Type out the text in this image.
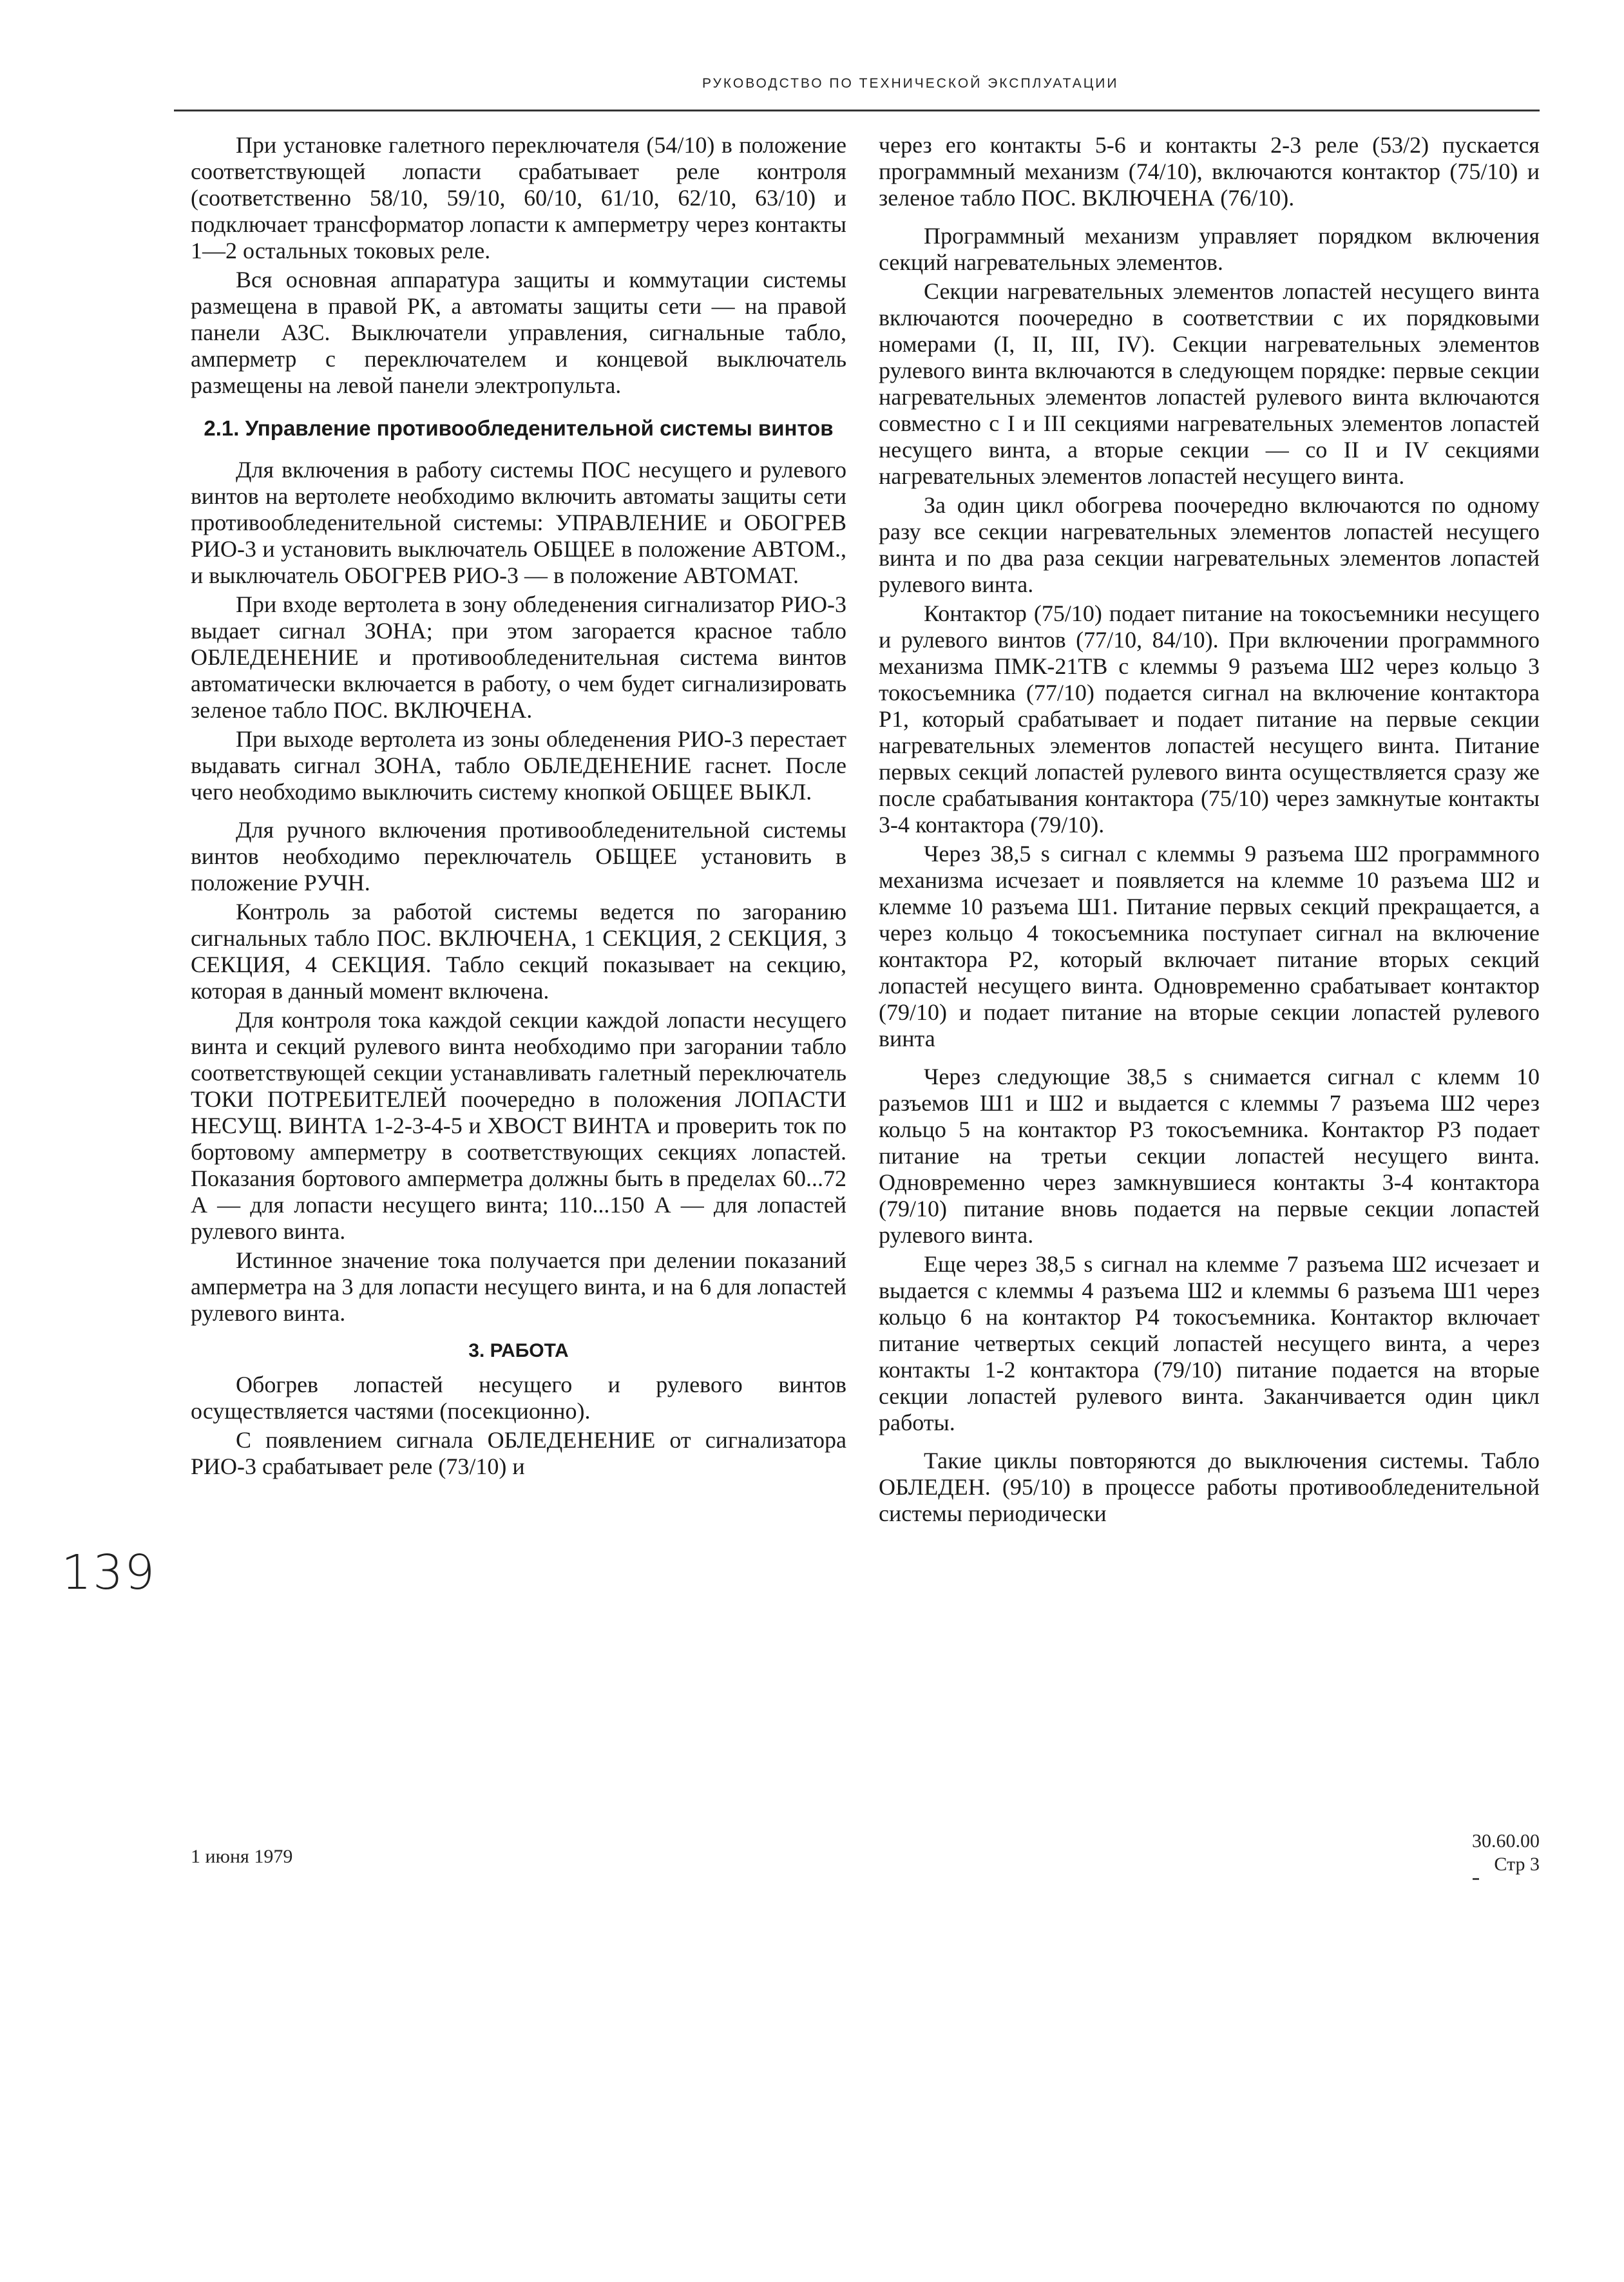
РУКОВОДСТВО ПО ТЕХНИЧЕСКОЙ ЭКСПЛУАТАЦИИ

При установке галетного переключателя (54/10) в положение соответствующей лопасти срабатывает реле контроля (соответственно 58/10, 59/10, 60/10, 61/10, 62/10, 63/10) и подключает трансформатор лопасти к амперметру через контакты 1—2 остальных токовых реле.

Вся основная аппаратура защиты и коммутации системы размещена в правой РК, а автоматы защиты сети — на правой панели АЗС. Выключатели управления, сигнальные табло, амперметр с переключателем и концевой выключатель размещены на левой панели электропульта.

2.1. Управление противообледенительной системы винтов

Для включения в работу системы ПОС несущего и рулевого винтов на вертолете необходимо включить автоматы защиты сети противообледенительной системы: УПРАВЛЕНИЕ и ОБОГРЕВ РИО-3 и установить выключатель ОБЩЕЕ в положение АВТОМ., и выключатель ОБОГРЕВ РИО-3 — в положение АВТОМАТ.

При входе вертолета в зону обледенения сигнализатор РИО-3 выдает сигнал ЗОНА; при этом загорается красное табло ОБЛЕДЕНЕНИЕ и противообледенительная система винтов автоматически включается в работу, о чем будет сигнализировать зеленое табло ПОС. ВКЛЮЧЕНА.

При выходе вертолета из зоны обледенения РИО-3 перестает выдавать сигнал ЗОНА, табло ОБЛЕДЕНЕНИЕ гаснет. После чего необходимо выключить систему кнопкой ОБЩЕЕ ВЫКЛ.

Для ручного включения противообледенительной системы винтов необходимо переключатель ОБЩЕЕ установить в положение РУЧН.

Контроль за работой системы ведется по загоранию сигнальных табло ПОС. ВКЛЮЧЕНА, 1 СЕКЦИЯ, 2 СЕКЦИЯ, 3 СЕКЦИЯ, 4 СЕКЦИЯ. Табло секций показывает на секцию, которая в данный момент включена.

Для контроля тока каждой секции каждой лопасти несущего винта и секций рулевого винта необходимо при загорании табло соответствующей секции устанавливать галетный переключатель ТОКИ ПОТРЕБИТЕЛЕЙ поочередно в положения ЛОПАСТИ НЕСУЩ. ВИНТА 1-2-3-4-5 и ХВОСТ ВИНТА и проверить ток по бортовому амперметру в соответствующих секциях лопастей. Показания бортового амперметра должны быть в пределах 60...72 А — для лопасти несущего винта; 110...150 А — для лопастей рулевого винта.

Истинное значение тока получается при делении показаний амперметра на 3 для лопасти несущего винта, и на 6 для лопастей рулевого винта.

3. РАБОТА

Обогрев лопастей несущего и рулевого винтов осуществляется частями (посекционно).

С появлением сигнала ОБЛЕДЕНЕНИЕ от сигнализатора РИО-3 срабатывает реле (73/10) и

через его контакты 5-6 и контакты 2-3 реле (53/2) пускается программный механизм (74/10), включаются контактор (75/10) и зеленое табло ПОС. ВКЛЮЧЕНА (76/10).

Программный механизм управляет порядком включения секций нагревательных элементов.

Секции нагревательных элементов лопастей несущего винта включаются поочередно в соответствии с их порядковыми номерами (I, II, III, IV). Секции нагревательных элементов рулевого винта включаются в следующем порядке: первые секции нагревательных элементов лопастей рулевого винта включаются совместно с I и III секциями нагревательных элементов лопастей несущего винта, а вторые секции — со II и IV секциями нагревательных элементов лопастей несущего винта.

За один цикл обогрева поочередно включаются по одному разу все секции нагревательных элементов лопастей несущего винта и по два раза секции нагревательных элементов лопастей рулевого винта.

Контактор (75/10) подает питание на токосъемники несущего и рулевого винтов (77/10, 84/10). При включении программного механизма ПМК-21ТВ с клеммы 9 разъема Ш2 через кольцо 3 токосъемника (77/10) подается сигнал на включение контактора Р1, который срабатывает и подает питание на первые секции нагревательных элементов лопастей несущего винта. Питание первых секций лопастей рулевого винта осуществляется сразу же после срабатывания контактора (75/10) через замкнутые контакты 3-4 контактора (79/10).

Через 38,5 s сигнал с клеммы 9 разъема Ш2 программного механизма исчезает и появляется на клемме 10 разъема Ш2 и клемме 10 разъема Ш1. Питание первых секций прекращается, а через кольцо 4 токосъемника поступает сигнал на включение контактора Р2, который включает питание вторых секций лопастей несущего винта. Одновременно срабатывает контактор (79/10) и подает питание на вторые секции лопастей рулевого винта

Через следующие 38,5 s снимается сигнал с клемм 10 разъемов Ш1 и Ш2 и выдается с клеммы 7 разъема Ш2 через кольцо 5 на контактор Р3 токосъемника. Контактор Р3 подает питание на третьи секции лопастей несущего винта. Одновременно через замкнувшиеся контакты 3-4 контактора (79/10) питание вновь подается на первые секции лопастей рулевого винта.

Еще через 38,5 s сигнал на клемме 7 разъема Ш2 исчезает и выдается с клеммы 4 разъема Ш2 и клеммы 6 разъема Ш1 через кольцо 6 на контактор Р4 токосъемника. Контактор включает питание четвертых секций лопастей несущего винта, а через контакты 1-2 контактора (79/10) питание подается на вторые секции лопастей рулевого винта. Заканчивается один цикл работы.

Такие циклы повторяются до выключения системы. Табло ОБЛЕДЕН. (95/10) в процессе работы противообледенительной системы периодически

139
1 июня 1979
30.60.00
Стр 3
